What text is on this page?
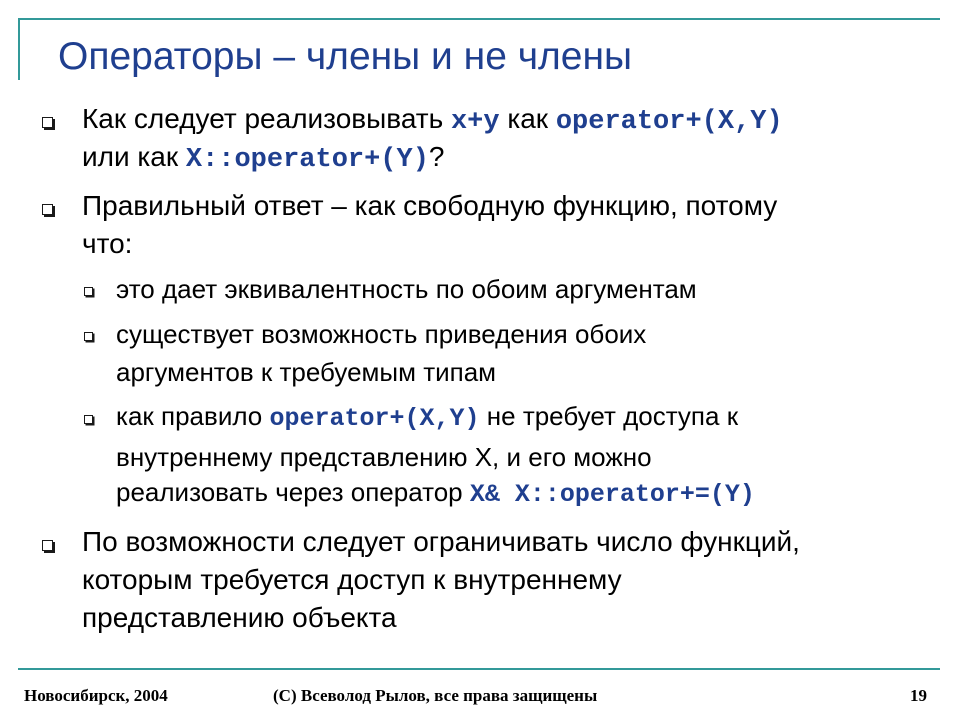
Операторы – члены и не члены
Как следует реализовывать x+y как operator+(X,Y)
или как X::operator+(Y)?
Правильный ответ – как свободную функцию, потому
что:
это дает эквивалентность по обоим аргументам
существует возможность приведения обоих
аргументов к требуемым типам
как правило operator+(X,Y) не требует доступа к
внутреннему представлению X, и его можно
реализовать через оператор X& X::operator+=(Y)
По возможности следует ограничивать число функций,
которым требуется доступ к внутреннему
представлению объекта
Новосибирск, 2004	(C) Всеволод Рылов, все права защищены	19
